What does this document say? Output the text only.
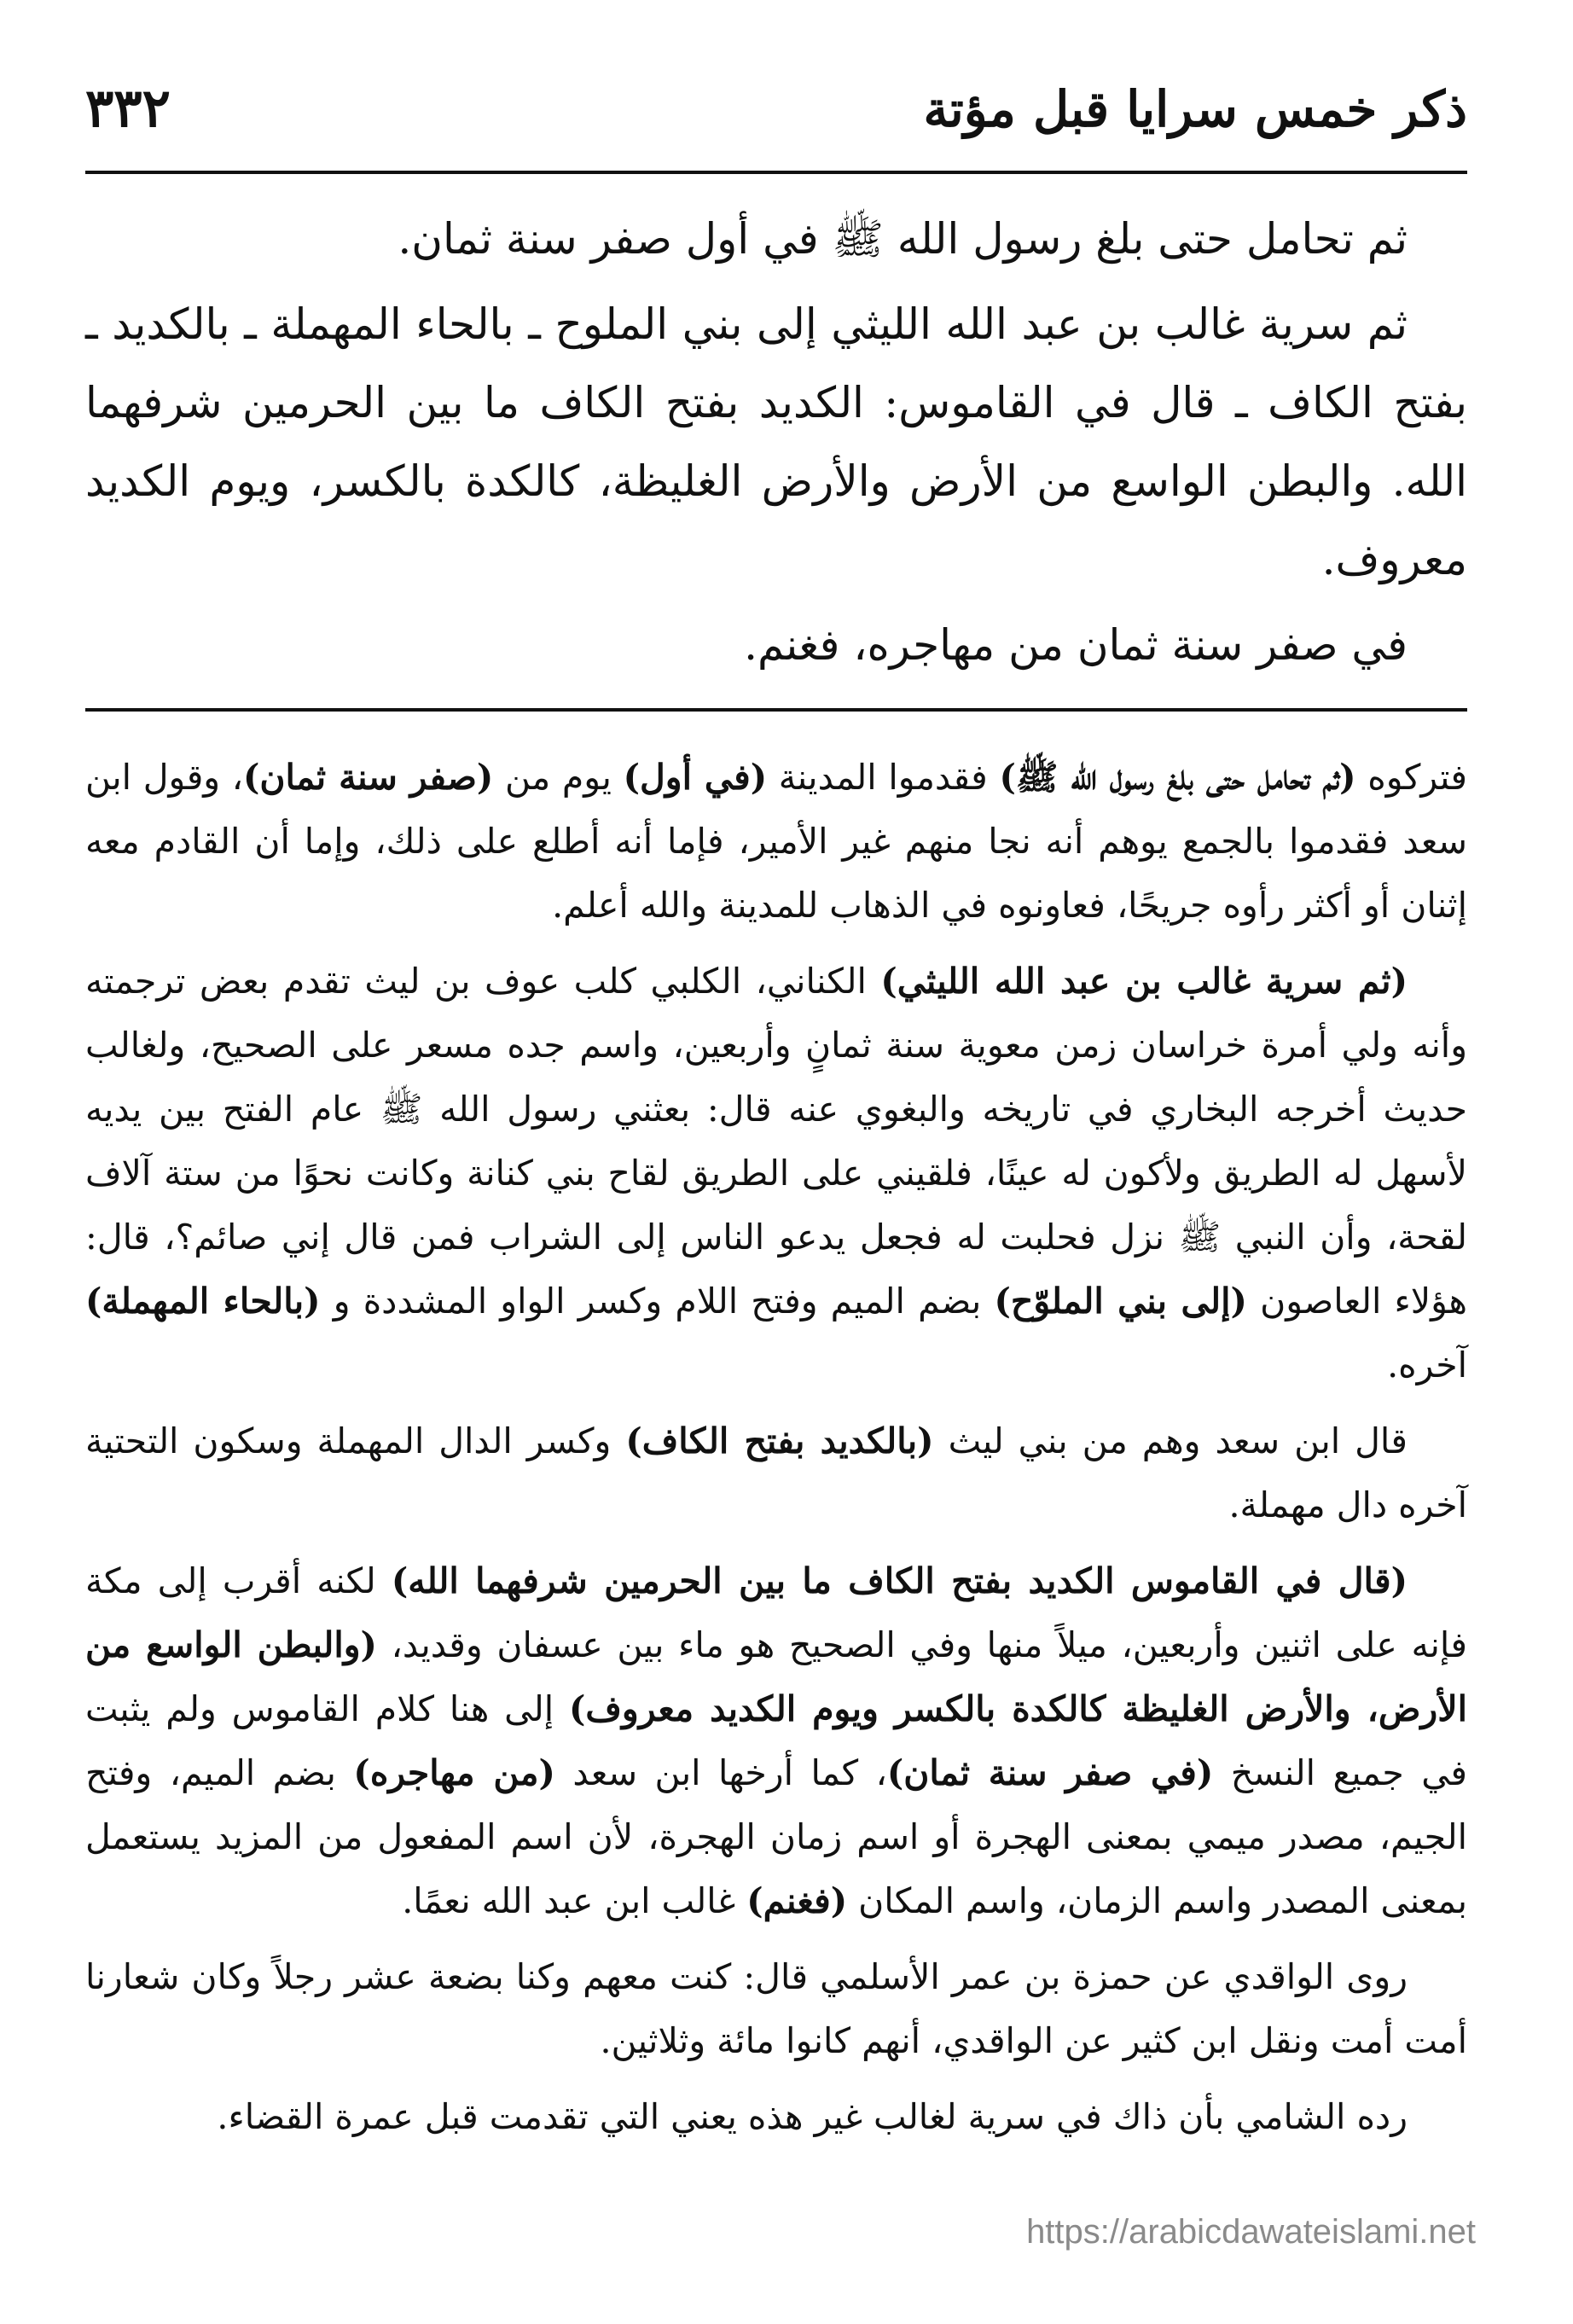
ذكر خمس سرايا قبل مؤتة
٣٣٢

ثم تحامل حتى بلغ رسول الله ﷺ في أول صفر سنة ثمان.

ثم سرية غالب بن عبد الله الليثي إلى بني الملوح ـ بالحاء المهملة ـ بالكديد ـ بفتح الكاف ـ قال في القاموس: الكديد بفتح الكاف ما بين الحرمين شرفهما الله. والبطن الواسع من الأرض والأرض الغليظة، كالكدة بالكسر، ويوم الكديد معروف.

في صفر سنة ثمان من مهاجره، فغنم.

فتركوه (ثم تحامل حتى بلغ رسول الله ﷺ) فقدموا المدينة (في أول) يوم من (صفر سنة ثمان)، وقول ابن سعد فقدموا بالجمع يوهم أنه نجا منهم غير الأمير، فإما أنه أطلع على ذلك، وإما أن القادم معه إثنان أو أكثر رأوه جريحًا، فعاونوه في الذهاب للمدينة والله أعلم.

(ثم سرية غالب بن عبد الله الليثي) الكناني، الكلبي كلب عوف بن ليث تقدم بعض ترجمته وأنه ولي أمرة خراسان زمن معوية سنة ثمانٍ وأربعين، واسم جده مسعر على الصحيح، ولغالب حديث أخرجه البخاري في تاريخه والبغوي عنه قال: بعثني رسول الله ﷺ عام الفتح بين يديه لأسهل له الطريق ولأكون له عينًا، فلقيني على الطريق لقاح بني كنانة وكانت نحوًا من ستة آلاف لقحة، وأن النبي ﷺ نزل فحلبت له فجعل يدعو الناس إلى الشراب فمن قال إني صائم؟، قال: هؤلاء العاصون (إلى بني الملوّح) بضم الميم وفتح اللام وكسر الواو المشددة و (بالحاء المهملة) آخره.

قال ابن سعد وهم من بني ليث (بالكديد بفتح الكاف) وكسر الدال المهملة وسكون التحتية آخره دال مهملة.

(قال في القاموس الكديد بفتح الكاف ما بين الحرمين شرفهما الله) لكنه أقرب إلى مكة فإنه على اثنين وأربعين، ميلاً منها وفي الصحيح هو ماء بين عسفان وقديد، (والبطن الواسع من الأرض، والأرض الغليظة كالكدة بالكسر ويوم الكديد معروف) إلى هنا كلام القاموس ولم يثبت في جميع النسخ (في صفر سنة ثمان)، كما أرخها ابن سعد (من مهاجره) بضم الميم، وفتح الجيم، مصدر ميمي بمعنى الهجرة أو اسم زمان الهجرة، لأن اسم المفعول من المزيد يستعمل بمعنى المصدر واسم الزمان، واسم المكان (فغنم) غالب ابن عبد الله نعمًا.

روى الواقدي عن حمزة بن عمر الأسلمي قال: كنت معهم وكنا بضعة عشر رجلاً وكان شعارنا أمت أمت ونقل ابن كثير عن الواقدي، أنهم كانوا مائة وثلاثين.

رده الشامي بأن ذاك في سرية لغالب غير هذه يعني التي تقدمت قبل عمرة القضاء.

https://arabicdawateislami.net
